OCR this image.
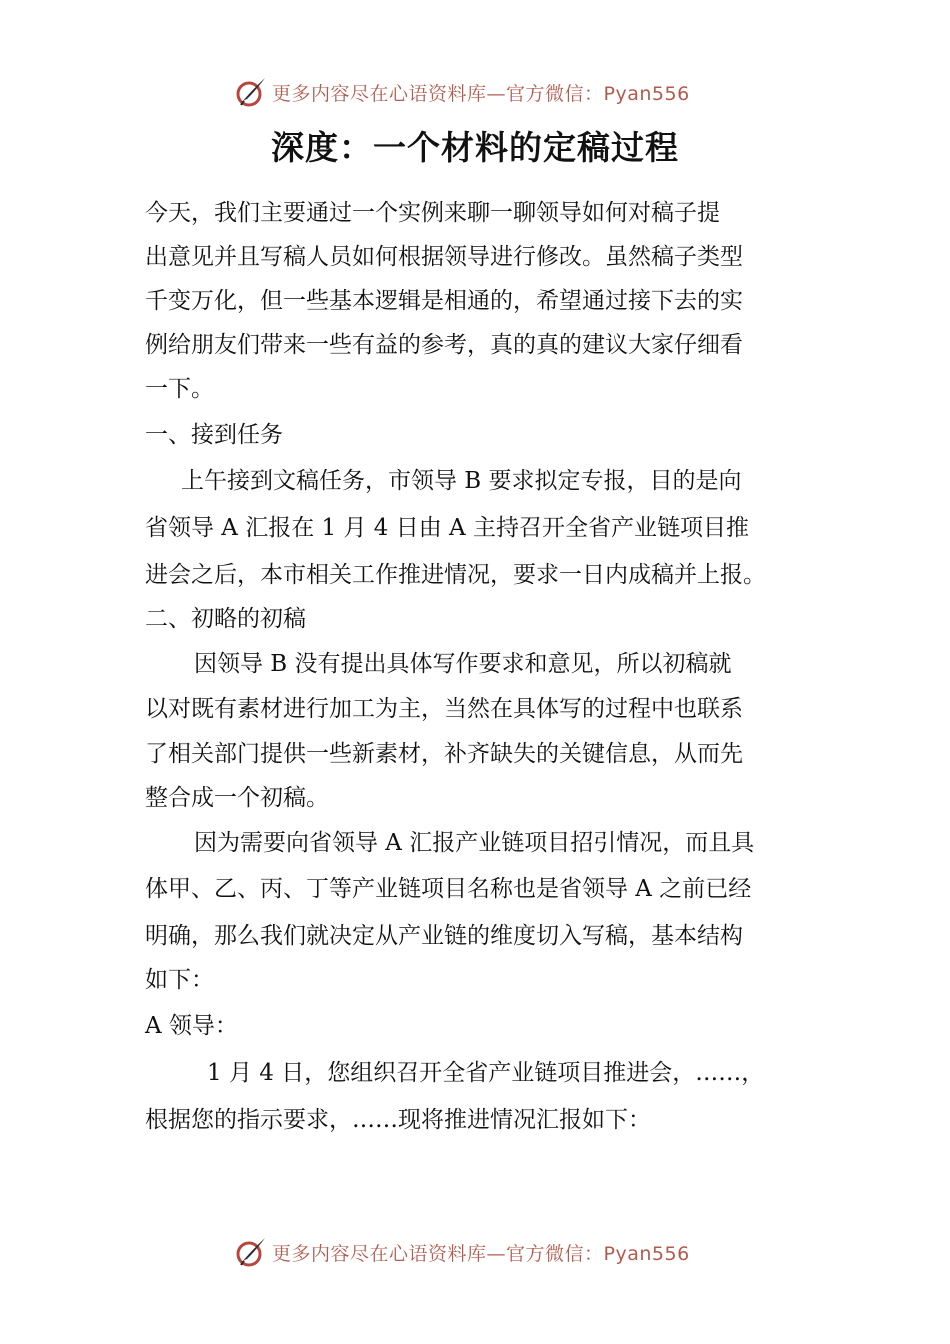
更多内容尽在心语资料库—官方微信：Pyan556
深度：一个材料的定稿过程
今天，我们主要通过一个实例来聊一聊领导如何对稿子提
出意见并且写稿人员如何根据领导进行修改。虽然稿子类型
千变万化，但一些基本逻辑是相通的，希望通过接下去的实
例给朋友们带来一些有益的参考，真的真的建议大家仔细看
一下。
一、接到任务
上午接到文稿任务，市领导 B 要求拟定专报，目的是向
省领导 A 汇报在 1 月 4 日由 A 主持召开全省产业链项目推
进会之后，本市相关工作推进情况，要求一日内成稿并上报。
二、初略的初稿
因领导 B 没有提出具体写作要求和意见，所以初稿就
以对既有素材进行加工为主，当然在具体写的过程中也联系
了相关部门提供一些新素材，补齐缺失的关键信息，从而先
整合成一个初稿。
因为需要向省领导 A 汇报产业链项目招引情况，而且具
体甲、乙、丙、丁等产业链项目名称也是省领导 A 之前已经
明确，那么我们就决定从产业链的维度切入写稿，基本结构
如下：
A 领导：
1 月 4 日，您组织召开全省产业链项目推进会，……，
根据您的指示要求，……现将推进情况汇报如下：
更多内容尽在心语资料库—官方微信：Pyan556
